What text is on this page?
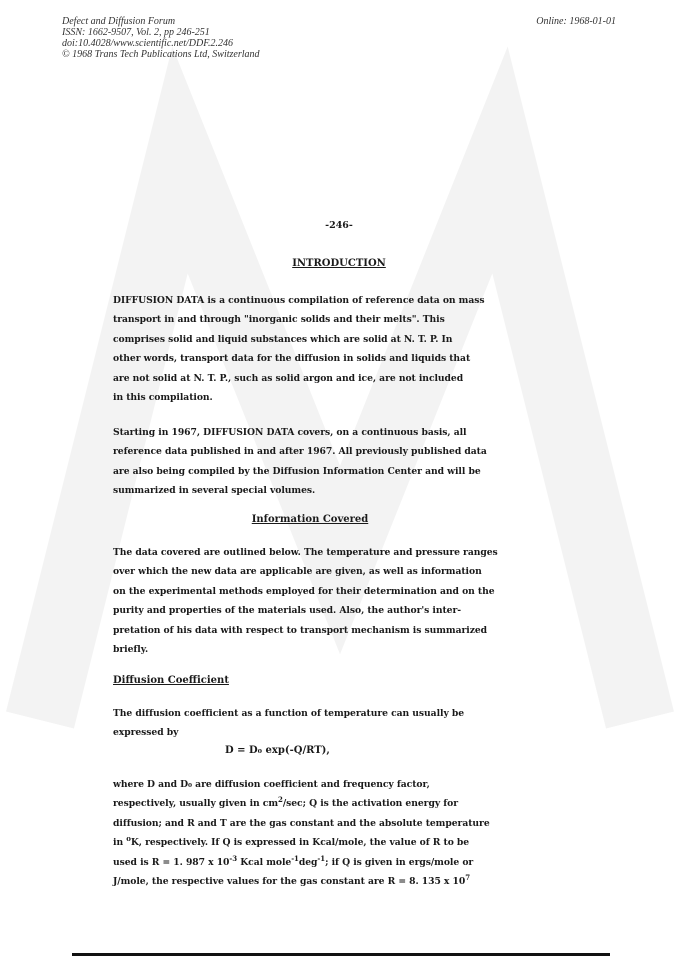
Defect and Diffusion Forum
ISSN: 1662-9507, Vol. 2, pp 246-251
doi:10.4028/www.scientific.net/DDF.2.246
© 1968 Trans Tech Publications Ltd, Switzerland
Online: 1968-01-01
-246-
INTRODUCTION
DIFFUSION DATA is a continuous compilation of reference data on mass
transport in and through "inorganic solids and their melts". This
comprises solid and liquid substances which are solid at N. T. P. In
other words, transport data for the diffusion in solids and liquids that
are not solid at N. T. P., such as solid argon and ice, are not included
in this compilation.
Starting in 1967, DIFFUSION DATA covers, on a continuous basis, all
reference data published in and after 1967. All previously published data
are also being compiled by the Diffusion Information Center and will be
summarized in several special volumes.
Information Covered
The data covered are outlined below. The temperature and pressure ranges
over which the new data are applicable are given, as well as information
on the experimental methods employed for their determination and on the
purity and properties of the materials used. Also, the author's inter-
pretation of his data with respect to transport mechanism is summarized
briefly.
Diffusion Coefficient
The diffusion coefficient as a function of temperature can usually be
expressed by
D = D₀ exp(-Q/RT),
where D and D₀ are diffusion coefficient and frequency factor,
respectively, usually given in $cm^2/\sec$; Q is the activation energy for
diffusion; and R and T are the gas constant and the absolute temperature
in $^o$K, respectively. If Q is expressed in Kcal/mole, the value of R to be
used is R = 1. 987 x $10^{-3}$ Kcal mole$^{-1}$deg$^{-1}$; if Q is given in ergs/mole or
J/mole, the respective values for the gas constant are R = 8. 135 x $10^7$
